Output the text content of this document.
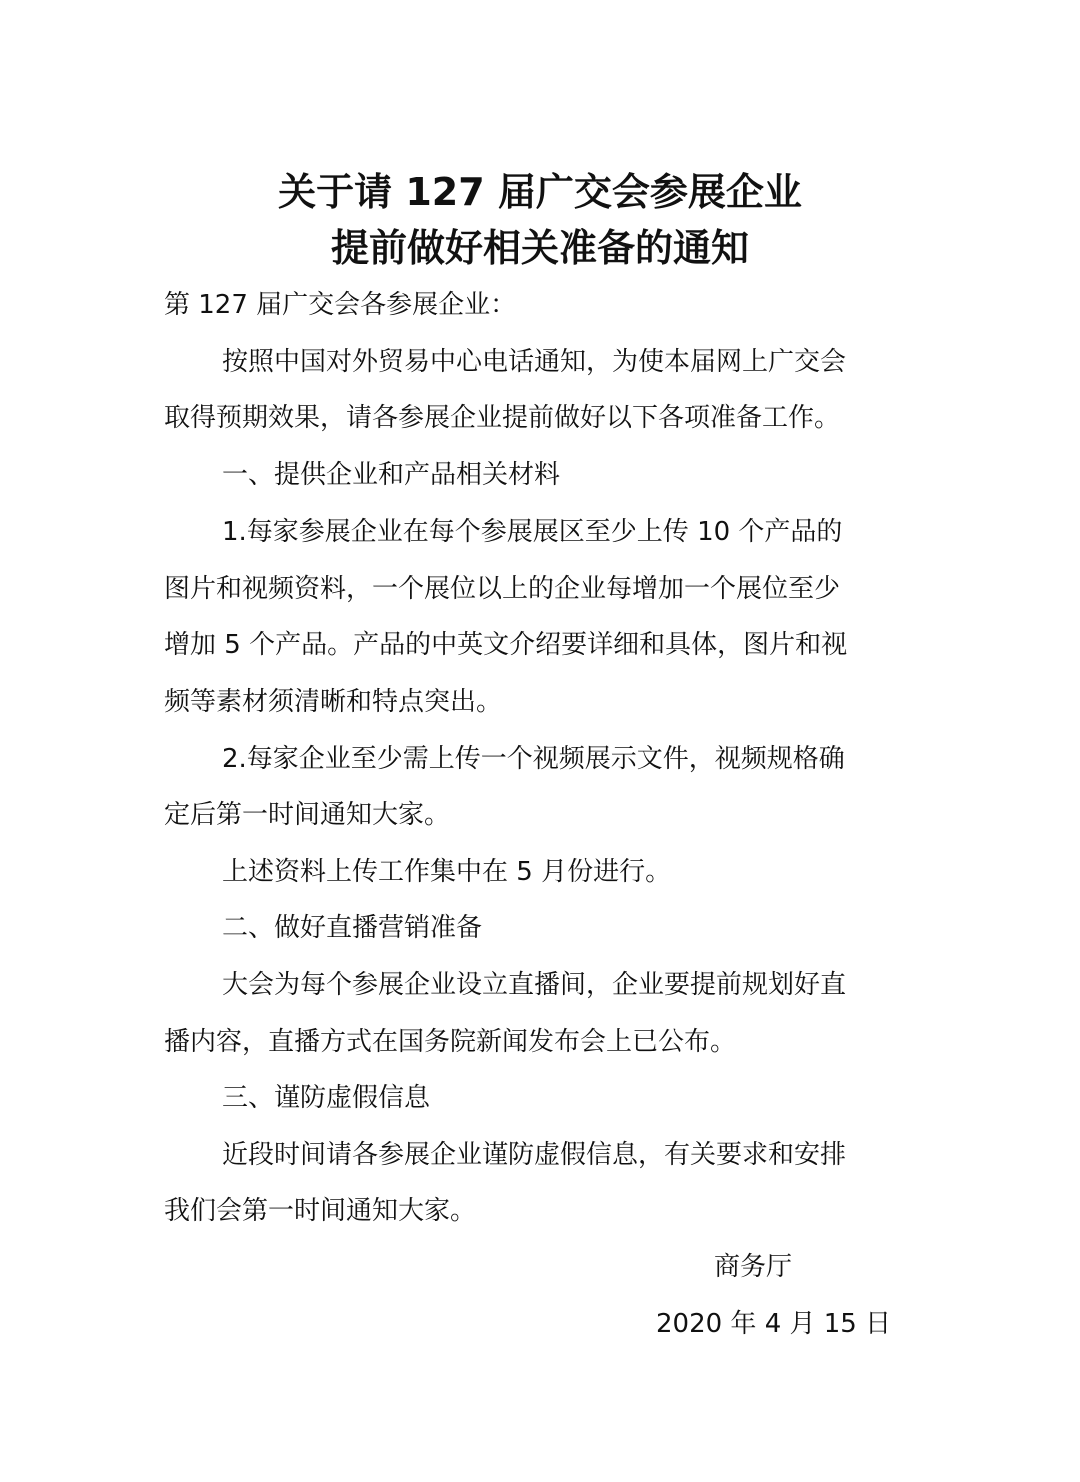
关于请 127 届广交会参展企业
提前做好相关准备的通知

第 127 届广交会各参展企业：

按照中国对外贸易中心电话通知，为使本届网上广交会

取得预期效果，请各参展企业提前做好以下各项准备工作。

一、提供企业和产品相关材料

1.每家参展企业在每个参展展区至少上传 10 个产品的

图片和视频资料，一个展位以上的企业每增加一个展位至少

增加 5 个产品。产品的中英文介绍要详细和具体，图片和视

频等素材须清晰和特点突出。

2.每家企业至少需上传一个视频展示文件，视频规格确

定后第一时间通知大家。

上述资料上传工作集中在 5 月份进行。

二、做好直播营销准备

大会为每个参展企业设立直播间，企业要提前规划好直

播内容，直播方式在国务院新闻发布会上已公布。

三、谨防虚假信息

近段时间请各参展企业谨防虚假信息，有关要求和安排

我们会第一时间通知大家。

商务厅
2020 年 4 月 15 日
